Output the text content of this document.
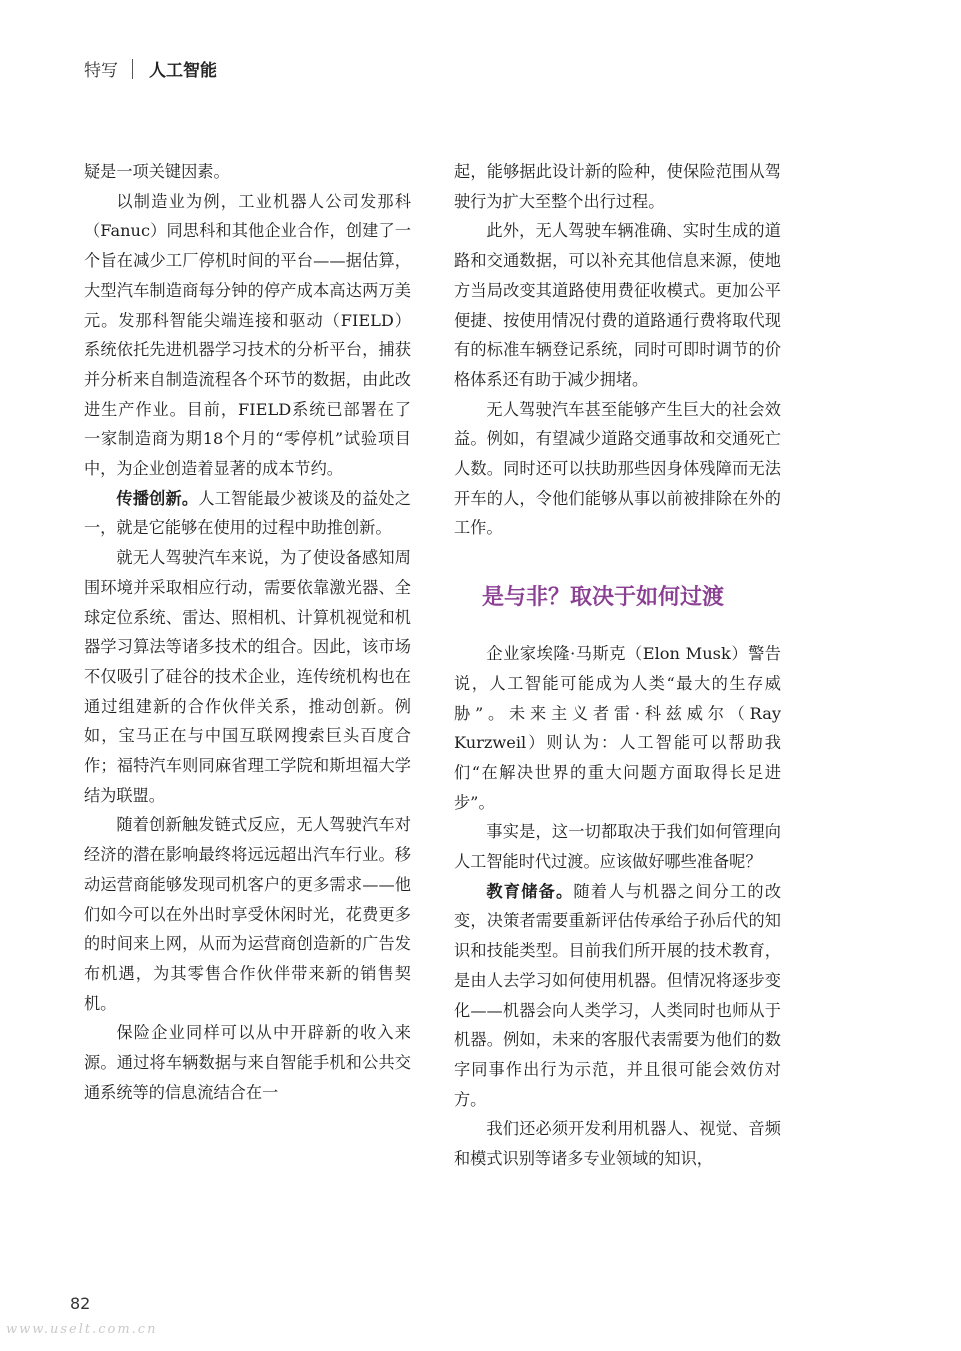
特写 人工智能

疑是一项关键因素。

以制造业为例，工业机器人公司发那科（Fanuc）同思科和其他企业合作，创建了一个旨在减少工厂停机时间的平台——据估算，大型汽车制造商每分钟的停产成本高达两万美元。发那科智能尖端连接和驱动（FIELD）系统依托先进机器学习技术的分析平台，捕获并分析来自制造流程各个环节的数据，由此改进生产作业。目前，FIELD系统已部署在了一家制造商为期18个月的“零停机”试验项目中，为企业创造着显著的成本节约。

传播创新。人工智能最少被谈及的益处之一，就是它能够在使用的过程中助推创新。

就无人驾驶汽车来说，为了使设备感知周围环境并采取相应行动，需要依靠激光器、全球定位系统、雷达、照相机、计算机视觉和机器学习算法等诸多技术的组合。因此，该市场不仅吸引了硅谷的技术企业，连传统机构也在通过组建新的合作伙伴关系，推动创新。例如，宝马正在与中国互联网搜索巨头百度合作；福特汽车则同麻省理工学院和斯坦福大学结为联盟。

随着创新触发链式反应，无人驾驶汽车对经济的潜在影响最终将远远超出汽车行业。移动运营商能够发现司机客户的更多需求——他们如今可以在外出时享受休闲时光，花费更多的时间来上网，从而为运营商创造新的广告发布机遇，为其零售合作伙伴带来新的销售契机。

保险企业同样可以从中开辟新的收入来源。通过将车辆数据与来自智能手机和公共交通系统等的信息流结合在一

起，能够据此设计新的险种，使保险范围从驾驶行为扩大至整个出行过程。

此外，无人驾驶车辆准确、实时生成的道路和交通数据，可以补充其他信息来源，使地方当局改变其道路使用费征收模式。更加公平便捷、按使用情况付费的道路通行费将取代现有的标准车辆登记系统，同时可即时调节的价格体系还有助于减少拥堵。

无人驾驶汽车甚至能够产生巨大的社会效益。例如，有望减少道路交通事故和交通死亡人数。同时还可以扶助那些因身体残障而无法开车的人，令他们能够从事以前被排除在外的工作。

是与非？取决于如何过渡

企业家埃隆·马斯克（Elon Musk）警告说，人工智能可能成为人类“最大的生存威胁”。未来主义者雷·科兹威尔（Ray Kurzweil）则认为：人工智能可以帮助我们“在解决世界的重大问题方面取得长足进步”。

事实是，这一切都取决于我们如何管理向人工智能时代过渡。应该做好哪些准备呢？

教育储备。随着人与机器之间分工的改变，决策者需要重新评估传承给子孙后代的知识和技能类型。目前我们所开展的技术教育，是由人去学习如何使用机器。但情况将逐步变化——机器会向人类学习，人类同时也师从于机器。例如，未来的客服代表需要为他们的数字同事作出行为示范，并且很可能会效仿对方。

我们还必须开发利用机器人、视觉、音频和模式识别等诸多专业领域的知识，

82
www.uselt.com.cn
